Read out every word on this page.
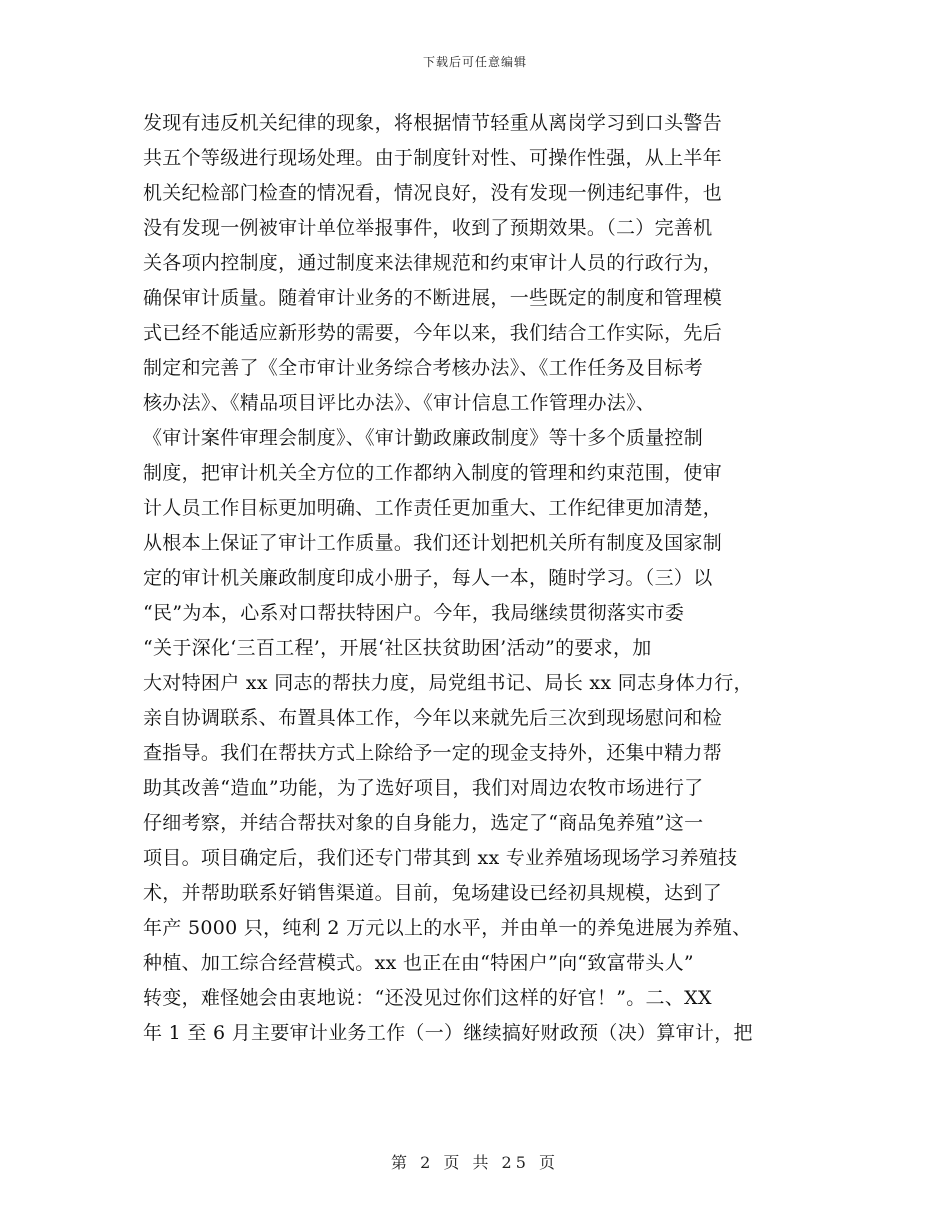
下载后可任意编辑
发现有违反机关纪律的现象，将根据情节轻重从离岗学习到口头警告
共五个等级进行现场处理。由于制度针对性、可操作性强，从上半年
机关纪检部门检查的情况看，情况良好，没有发现一例违纪事件，也
没有发现一例被审计单位举报事件，收到了预期效果。（二）完善机
关各项内控制度，通过制度来法律规范和约束审计人员的行政行为，
确保审计质量。随着审计业务的不断进展，一些既定的制度和管理模
式已经不能适应新形势的需要，今年以来，我们结合工作实际，先后
制定和完善了《全市审计业务综合考核办法》、《工作任务及目标考
核办法》、《精品项目评比办法》、《审计信息工作管理办法》、
《审计案件审理会制度》、《审计勤政廉政制度》等十多个质量控制
制度，把审计机关全方位的工作都纳入制度的管理和约束范围，使审
计人员工作目标更加明确、工作责任更加重大、工作纪律更加清楚，
从根本上保证了审计工作质量。我们还计划把机关所有制度及国家制
定的审计机关廉政制度印成小册子，每人一本，随时学习。（三）以
“民”为本，心系对口帮扶特困户。今年，我局继续贯彻落实市委
“关于深化‘三百工程’，开展‘社区扶贫助困’活动”的要求，加
大对特困户 xx 同志的帮扶力度，局党组书记、局长 xx 同志身体力行，
亲自协调联系、布置具体工作，今年以来就先后三次到现场慰问和检
查指导。我们在帮扶方式上除给予一定的现金支持外，还集中精力帮
助其改善“造血”功能，为了选好项目，我们对周边农牧市场进行了
仔细考察，并结合帮扶对象的自身能力，选定了“商品兔养殖”这一
项目。项目确定后，我们还专门带其到 xx 专业养殖场现场学习养殖技
术，并帮助联系好销售渠道。目前，兔场建设已经初具规模，达到了
年产 5000 只，纯利 2 万元以上的水平，并由单一的养兔进展为养殖、
种植、加工综合经营模式。xx 也正在由“特困户”向“致富带头人”
转变，难怪她会由衷地说：“还没见过你们这样的好官！”。二、XX
年 1 至 6 月主要审计业务工作（一）继续搞好财政预（决）算审计，把
第 2 页 共 25 页
